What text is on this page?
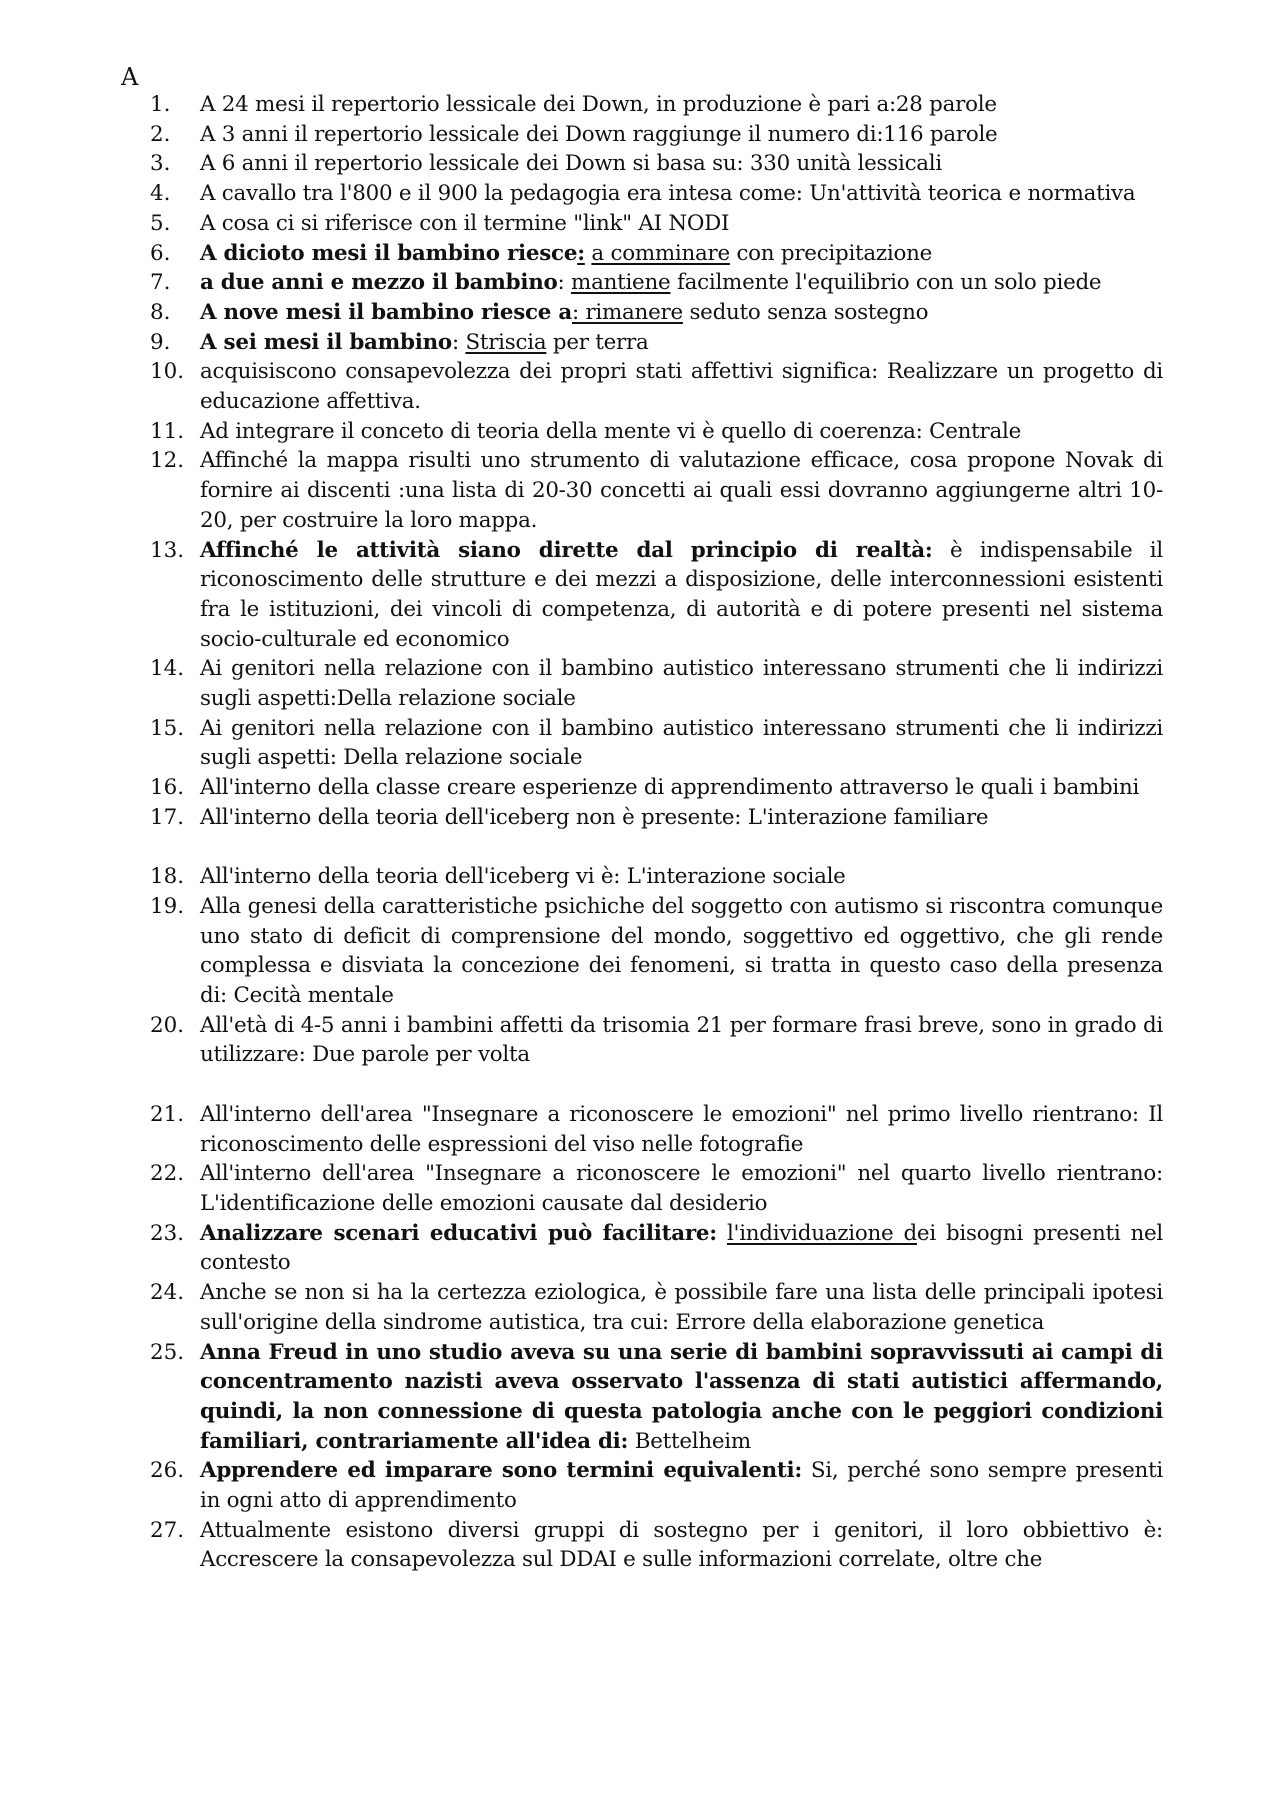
A
1.	A 24 mesi il repertorio lessicale dei Down, in produzione è pari a:28 parole
2.	A 3 anni il repertorio lessicale dei Down raggiunge il numero di:116 parole
3.	A 6 anni il repertorio lessicale dei Down si basa su: 330 unità lessicali
4.	A cavallo tra l'800 e il 900 la pedagogia era intesa come: Un'attività teorica e normativa
5.	A cosa ci si riferisce con il termine "link" AI NODI
6.	A dicioto mesi il bambino riesce: a comminare con precipitazione
7.	a due anni e mezzo il bambino: mantiene facilmente l'equilibrio con un solo piede
8.	A nove mesi il bambino riesce a: rimanere seduto senza sostegno
9.	A sei mesi il bambino: Striscia per terra
10. acquisiscono consapevolezza dei propri stati affettivi significa: Realizzare un progetto di educazione affettiva.
11. Ad integrare il conceto di teoria della mente vi è quello di coerenza: Centrale
12. Affinché la mappa risulti uno strumento di valutazione efficace, cosa propone Novak di fornire ai discenti :una lista di 20-30 concetti ai quali essi dovranno aggiungerne altri 10-20, per costruire la loro mappa.
13. Affinché le attività siano dirette dal principio di realtà: è indispensabile il riconoscimento delle strutture e dei mezzi a disposizione, delle interconnessioni esistenti fra le istituzioni, dei vincoli di competenza, di autorità e di potere presenti nel sistema socio-culturale ed economico
14. Ai genitori nella relazione con il bambino autistico interessano strumenti che li indirizzi sugli aspetti:Della relazione sociale
15. Ai genitori nella relazione con il bambino autistico interessano strumenti che li indirizzi sugli aspetti: Della relazione sociale
16. All'interno della classe creare esperienze di apprendimento attraverso le quali i bambini
17. All'interno della teoria dell'iceberg non è presente: L'interazione familiare
18. All'interno della teoria dell'iceberg vi è: L'interazione sociale
19. Alla genesi della caratteristiche psichiche del soggetto con autismo si riscontra comunque uno stato di deficit di comprensione del mondo, soggettivo ed oggettivo, che gli rende complessa e disviata la concezione dei fenomeni, si tratta in questo caso della presenza di: Cecità mentale
20. All'età di 4-5 anni i bambini affetti da trisomia 21 per formare frasi breve, sono in grado di utilizzare: Due parole per volta
21. All'interno dell'area "Insegnare a riconoscere le emozioni" nel primo livello rientrano: Il riconoscimento delle espressioni del viso nelle fotografie
22. All'interno dell'area "Insegnare a riconoscere le emozioni" nel quarto livello rientrano: L'identificazione delle emozioni causate dal desiderio
23. Analizzare scenari educativi può facilitare: l'individuazione dei bisogni presenti nel contesto
24. Anche se non si ha la certezza eziologica, è possibile fare una lista delle principali ipotesi sull'origine della sindrome autistica, tra cui: Errore della elaborazione genetica
25. Anna Freud in uno studio aveva su una serie di bambini sopravvissuti ai campi di concentramento nazisti aveva osservato l'assenza di stati autistici affermando, quindi, la non connessione di questa patologia anche con le peggiori condizioni familiari, contrariamente all'idea di: Bettelheim
26. Apprendere ed imparare sono termini equivalenti: Si, perché sono sempre presenti in ogni atto di apprendimento
27. Attualmente esistono diversi gruppi di sostegno per i genitori, il loro obbiettivo è: Accrescere la consapevolezza sul DDAI e sulle informazioni correlate, oltre che
